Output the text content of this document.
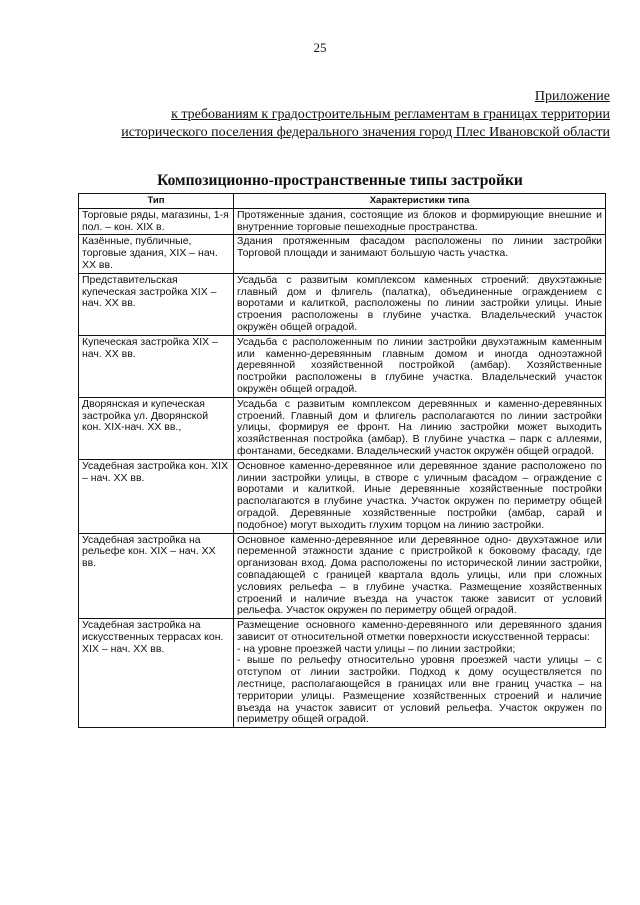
25
Приложение
к требованиям к градостроительным регламентам в границах территории
исторического поселения федерального значения город Плес Ивановской области
Композиционно-пространственные типы застройки
Тип	Характеристики типа
Торговые ряды, магазины, 1-я пол. – кон. XIX в.	Протяженные здания, состоящие из блоков и формирующие внешние и внутренние торговые пешеходные пространства.

Казённые, публичные, торговые здания, XIX – нач. XX вв.	Здания протяженным фасадом расположены по линии застройки Торговой площади и занимают большую часть участка.

Представительская купеческая застройка XIX – нач. XX вв.	Усадьба с развитым комплексом каменных строений: двухэтажные главный дом и флигель (палатка), объединенные ограждением с воротами и калиткой, расположены по линии застройки улицы. Иные строения расположены в глубине участка. Владельческий участок окружён общей оградой.

Купеческая застройка XIX – нач. XX вв.	Усадьба с расположенным по линии застройки двухэтажным каменным или каменно-деревянным главным домом и иногда одноэтажной деревянной хозяйственной постройкой (амбар). Хозяйственные постройки расположены в глубине участка. Владельческий участок окружён общей оградой.

Дворянская и купеческая застройка ул. Дворянской кон. XIX-нач. XX вв.,	Усадьба с развитым комплексом деревянных и каменно-деревянных строений. Главный дом и флигель располагаются по линии застройки улицы, формируя ее фронт. На линию застройки может выходить хозяйственная постройка (амбар). В глубине участка – парк с аллеями, фонтанами, беседками. Владельческий участок окружён общей оградой.

Усадебная застройка кон. XIX – нач. XX вв.	Основное каменно-деревянное или деревянное здание расположено по линии застройки улицы, в створе с уличным фасадом – ограждение с воротами и калиткой. Иные деревянные хозяйственные постройки располагаются в глубине участка. Участок окружен по периметру общей оградой. Деревянные хозяйственные постройки (амбар, сарай и подобное) могут выходить глухим торцом на линию застройки.

Усадебная застройка на рельефе кон. XIX – нач. XX вв.	Основное каменно-деревянное или деревянное одно- двухэтажное или переменной этажности здание с пристройкой к боковому фасаду, где организован вход. Дома расположены по исторической линии застройки, совпадающей с границей квартала вдоль улицы, или при сложных условиях рельефа – в глубине участка. Размещение хозяйственных строений и наличие въезда на участок также зависит от условий рельефа. Участок окружен по периметру общей оградой.

Усадебная застройка на искусственных террасах кон. XIX – нач. XX вв.	Размещение основного каменно-деревянного или деревянного здания зависит от относительной отметки поверхности искусственной террасы:
- на уровне проезжей части улицы – по линии застройки;
- выше по рельефу относительно уровня проезжей части улицы – с отступом от линии застройки. Подход к дому осуществляется по лестнице, располагающейся в границах или вне границ участка – на территории улицы. Размещение хозяйственных строений и наличие въезда на участок зависит от условий рельефа. Участок окружен по периметру общей оградой.
